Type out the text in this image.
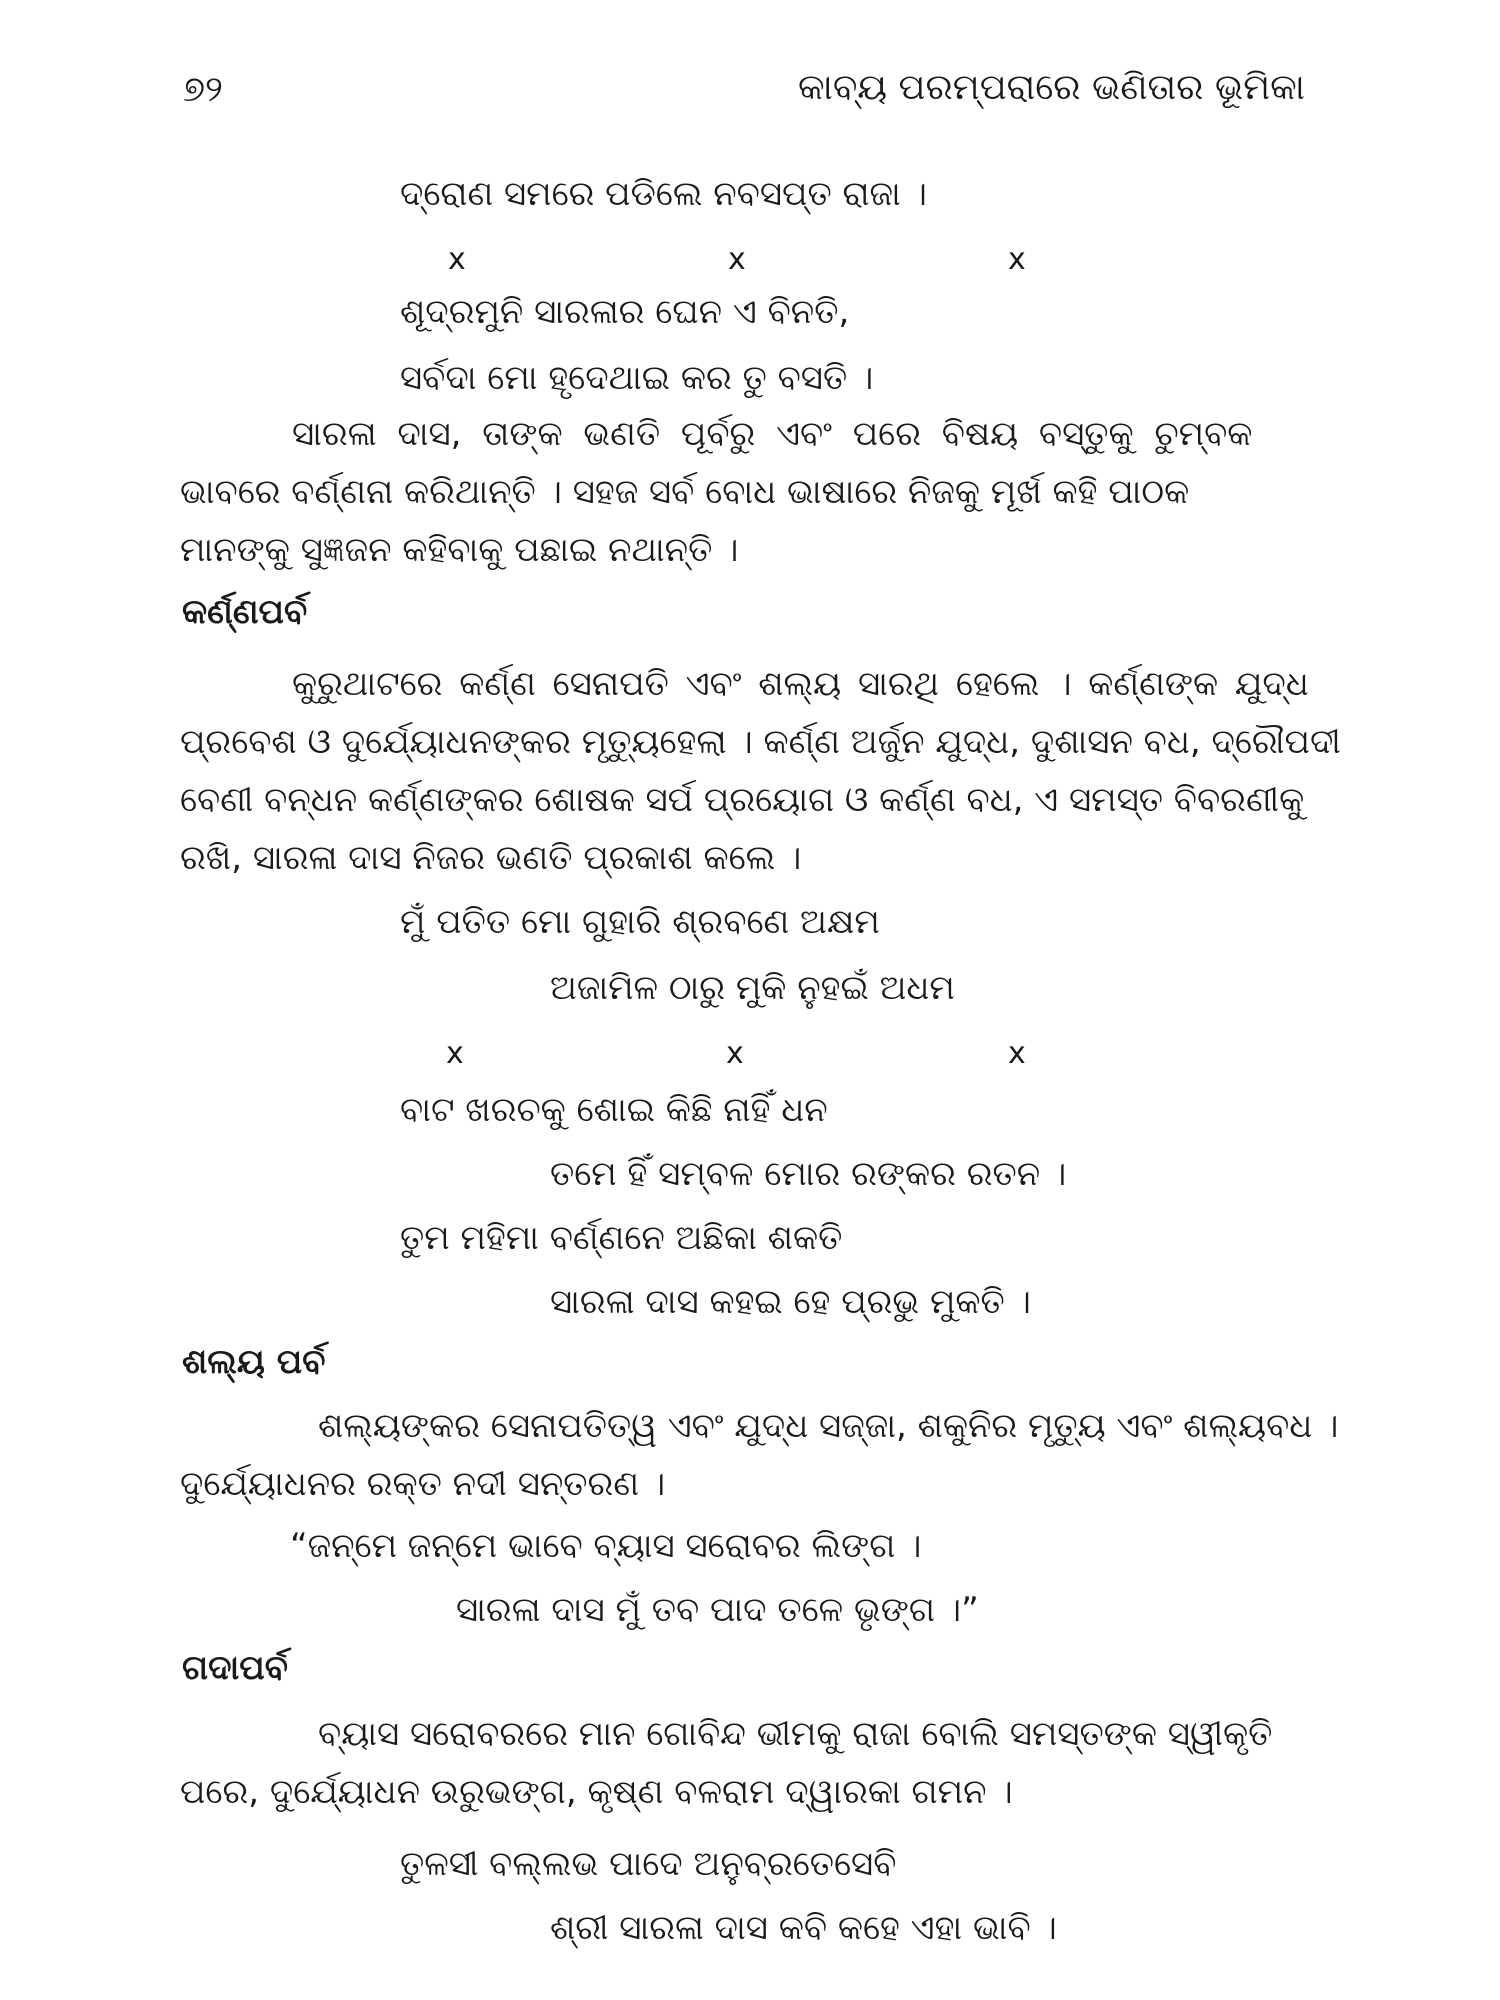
୭୨	କାବ୍ୟ ପରମ୍ପରାରେ ଭଣିତାର ଭୂମିକା
ଦ୍ରୋଣ ସମରେ ପଡିଲେ ନବସପ୍ତ ରାଜା ।
x	x	x
ଶୂଦ୍ରମୁନି ସାରଳାର ଘେନ ଏ ବିନତି,
ସର୍ବଦା ମୋ ହୃଦେଥାଇ କର ତୁ ବସତି ।
ସାରଳା ଦାସ, ତାଙ୍କ ଭଣତି ପୂର୍ବରୁ ଏବଂ ପରେ ବିଷୟ ବସ୍ତୁକୁ ଚୁମ୍ବକ
ଭାବରେ ବର୍ଣ୍ଣନା କରିଥାନ୍ତି । ସହଜ ସର୍ବ ବୋଧ ଭାଷାରେ ନିଜକୁ ମୂର୍ଖ କହି ପାଠକ
ମାନଙ୍କୁ ସୁଜ୍ଞଜନ କହିବାକୁ ପଛାଇ ନଥାନ୍ତି ।
କର୍ଣ୍ଣପର୍ବ
କୁରୁଥାଟରେ କର୍ଣ୍ଣ ସେନାପତି ଏବଂ ଶଲ୍ୟ ସାରଥି ହେଲେ । କର୍ଣ୍ଣଙ୍କ ଯୁଦ୍ଧ
ପ୍ରବେଶ ଓ ଦୁର୍ଯ୍ୟୋଧନଙ୍କର ମୃତ୍ୟୁହେଲା । କର୍ଣ୍ଣ ଅର୍ଜୁନ ଯୁଦ୍ଧ, ଦୁଶାସନ ବଧ, ଦ୍ରୌପଦୀ
ବେଣୀ ବନ୍ଧନ କର୍ଣ୍ଣଙ୍କର ଶୋଷକ ସର୍ପ ପ୍ରୟୋଗ ଓ କର୍ଣ୍ଣ ବଧ, ଏ ସମସ୍ତ ବିବରଣୀକୁ
ରଖି, ସାରଳା ଦାସ ନିଜର ଭଣତି ପ୍ରକାଶ କଲେ ।
ମୁଁ ପତିତ ମୋ ଗୁହାରି ଶ୍ରବଣେ ଅକ୍ଷମ
ଅଜାମିଳ ଠାରୁ ମୁକି ନୁହଇଁ ଅଧମ
x	x	x
ବାଟ ଖରଚକୁ ଶୋଇ କିଛି ନାହିଁ ଧନ
ତମେ ହିଁ ସମ୍ବଳ ମୋର ରଙ୍କର ରତନ ।
ତୁମ ମହିମା ବର୍ଣ୍ଣନେ ଅଛିକା ଶକତି
ସାରଳା ଦାସ କହଇ ହେ ପ୍ରଭୁ ମୁକତି ।
ଶଲ୍ୟ ପର୍ବ
ଶଲ୍ୟଙ୍କର ସେନାପତିତ୍ୱ ଏବଂ ଯୁଦ୍ଧ ସଜ୍ଜା, ଶକୁନିର ମୃତ୍ୟୁ ଏବଂ ଶଲ୍ୟବଧ ।
ଦୁର୍ଯ୍ୟୋଧନର ରକ୍ତ ନଦୀ ସନ୍ତରଣ ।
“ଜନ୍ମେ ଜନ୍ମେ ଭାବେ ବ୍ୟାସ ସରୋବର ଲିଙ୍ଗ ।
ସାରଳା ଦାସ ମୁଁ ତବ ପାଦ ତଳେ ଭୃଙ୍ଗ ।”
ଗଦାପର୍ବ
ବ୍ୟାସ ସରୋବରରେ ମାନ ଗୋବିନ୍ଦ ଭୀମକୁ ରାଜା ବୋଲି ସମସ୍ତଙ୍କ ସ୍ୱୀକୃତି
ପରେ, ଦୁର୍ଯ୍ୟୋଧନ ଉରୁଭଙ୍ଗ, କୃଷ୍ଣ ବଳରାମ ଦ୍ୱାରକା ଗମନ ।
ତୁଳସୀ ବଲ୍ଲଭ ପାଦେ ଅନୁବ୍ରତେସେବି
ଶ୍ରୀ ସାରଳା ଦାସ କବି କହେ ଏହା ଭାବି ।
